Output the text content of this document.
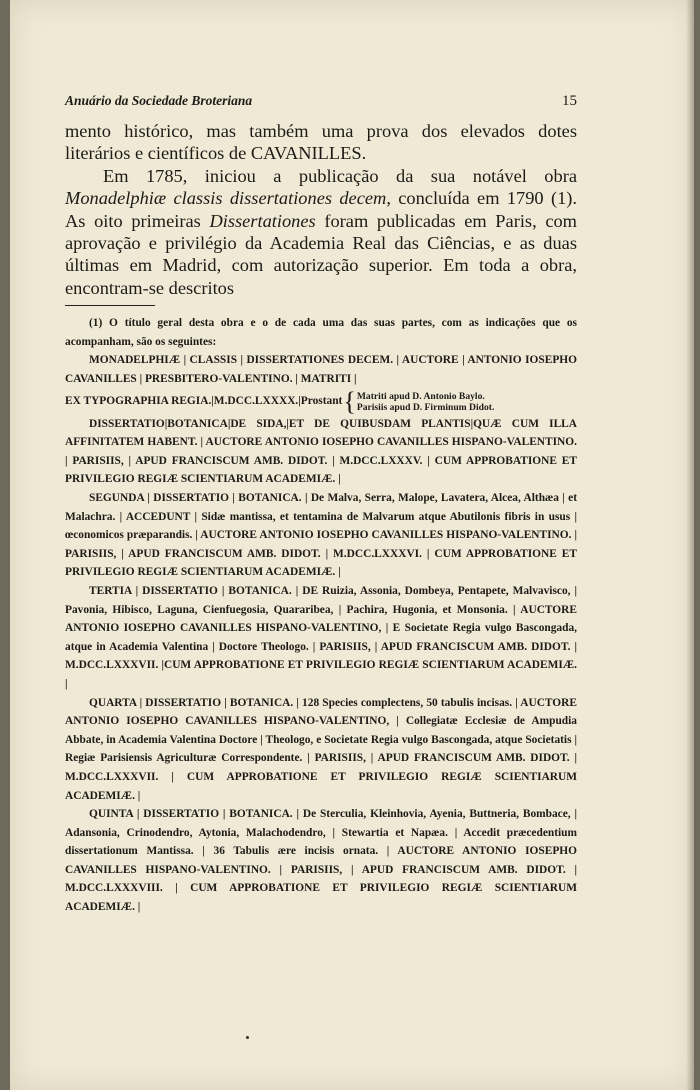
Anuário da Sociedade Broteriana	15

mento histórico, mas também uma prova dos elevados dotes literários e científicos de CAVANILLES.

Em 1785, iniciou a publicação da sua notável obra Monadelphiæ classis dissertationes decem, concluída em 1790 (1). As oito primeiras Dissertationes foram publicadas em Paris, com aprovação e privilégio da Academia Real das Ciências, e as duas últimas em Madrid, com autorização superior. Em toda a obra, encontram-se descritos

(1) O título geral desta obra e o de cada uma das suas partes, com as indicações que os acompanham, são os seguintes:

MONADELPHIÆ | CLASSIS | DISSERTATIONES DECEM. | AUCTORE | ANTONIO IOSEPHO CAVANILLES | PRESBITERO-VALENTINO. | MATRITI |

EX TYPOGRAPHIA REGIA.|M.DCC.LXXXX.|Prostant { Matriti apud D. Antonio Baylo.
Parisiis apud D. Firminum Didot.

DISSERTATIO|BOTANICA|DE SIDA,|ET DE QUIBUSDAM PLANTIS|QUÆ CUM ILLA AFFINITATEM HABENT. | AUCTORE ANTONIO IOSEPHO CAVANILLES HISPANO-VALENTINO. | PARISIIS, | APUD FRANCISCUM AMB. DIDOT. | M.DCC.LXXXV. | CUM APPROBATIONE ET PRIVILEGIO REGIÆ SCIENTIARUM ACADEMIÆ. |

SEGUNDA | DISSERTATIO | BOTANICA. | De Malva, Serra, Malope, Lavatera, Alcea, Althæa | et Malachra. | ACCEDUNT | Sidæ mantissa, et tentamina de Malvarum atque Abutilonis fibris in usus | œconomicos præparandis. | AUCTORE ANTONIO IOSEPHO CAVANILLES HISPANO-VALENTINO. | PARISIIS, | APUD FRANCISCUM AMB. DIDOT. | M.DCC.LXXXVI. | CUM APPROBATIONE ET PRIVILEGIO REGIÆ SCIENTIARUM ACADEMIÆ. |

TERTIA | DISSERTATIO | BOTANICA. | DE Ruizia, Assonia, Dombeya, Pentapete, Malvavisco, | Pavonia, Hibisco, Laguna, Cienfuegosia, Quararibea, | Pachira, Hugonia, et Monsonia. | AUCTORE ANTONIO IOSEPHO CAVANILLES HISPANO-VALENTINO, | E Societate Regia vulgo Bascongada, atque in Academia Valentina | Doctore Theologo. | PARISIIS, | APUD FRANCISCUM AMB. DIDOT. | M.DCC.LXXXVII. |CUM APPROBATIONE ET PRIVILEGIO REGIÆ SCIENTIARUM ACADEMIÆ. |

QUARTA | DISSERTATIO | BOTANICA. | 128 Species complectens, 50 tabulis incisas. | AUCTORE ANTONIO IOSEPHO CAVANILLES HISPANO-VALENTINO, | Collegiatæ Ecclesiæ de Ampudia Abbate, in Academia Valentina Doctore | Theologo, e Societate Regia vulgo Bascongada, atque Societatis | Regiæ Parisiensis Agriculturæ Correspondente. | PARISIIS, | APUD FRANCISCUM AMB. DIDOT. | M.DCC.LXXXVII. | CUM APPROBATIONE ET PRIVILEGIO REGIÆ SCIENTIARUM ACADEMIÆ. |

QUINTA | DISSERTATIO | BOTANICA. | De Sterculia, Kleinhovia, Ayenia, Buttneria, Bombace, | Adansonia, Crinodendro, Aytonia, Malachodendro, | Stewartia et Napæa. | Accedit præcedentium dissertationum Mantissa. | 36 Tabulis ære incisis ornata. | AUCTORE ANTONIO IOSEPHO CAVANILLES HISPANO-VALENTINO. | PARISIIS, | APUD FRANCISCUM AMB. DIDOT. | M.DCC.LXXXVIII. | CUM APPROBATIONE ET PRIVILEGIO REGIÆ SCIENTIARUM ACADEMIÆ. |
